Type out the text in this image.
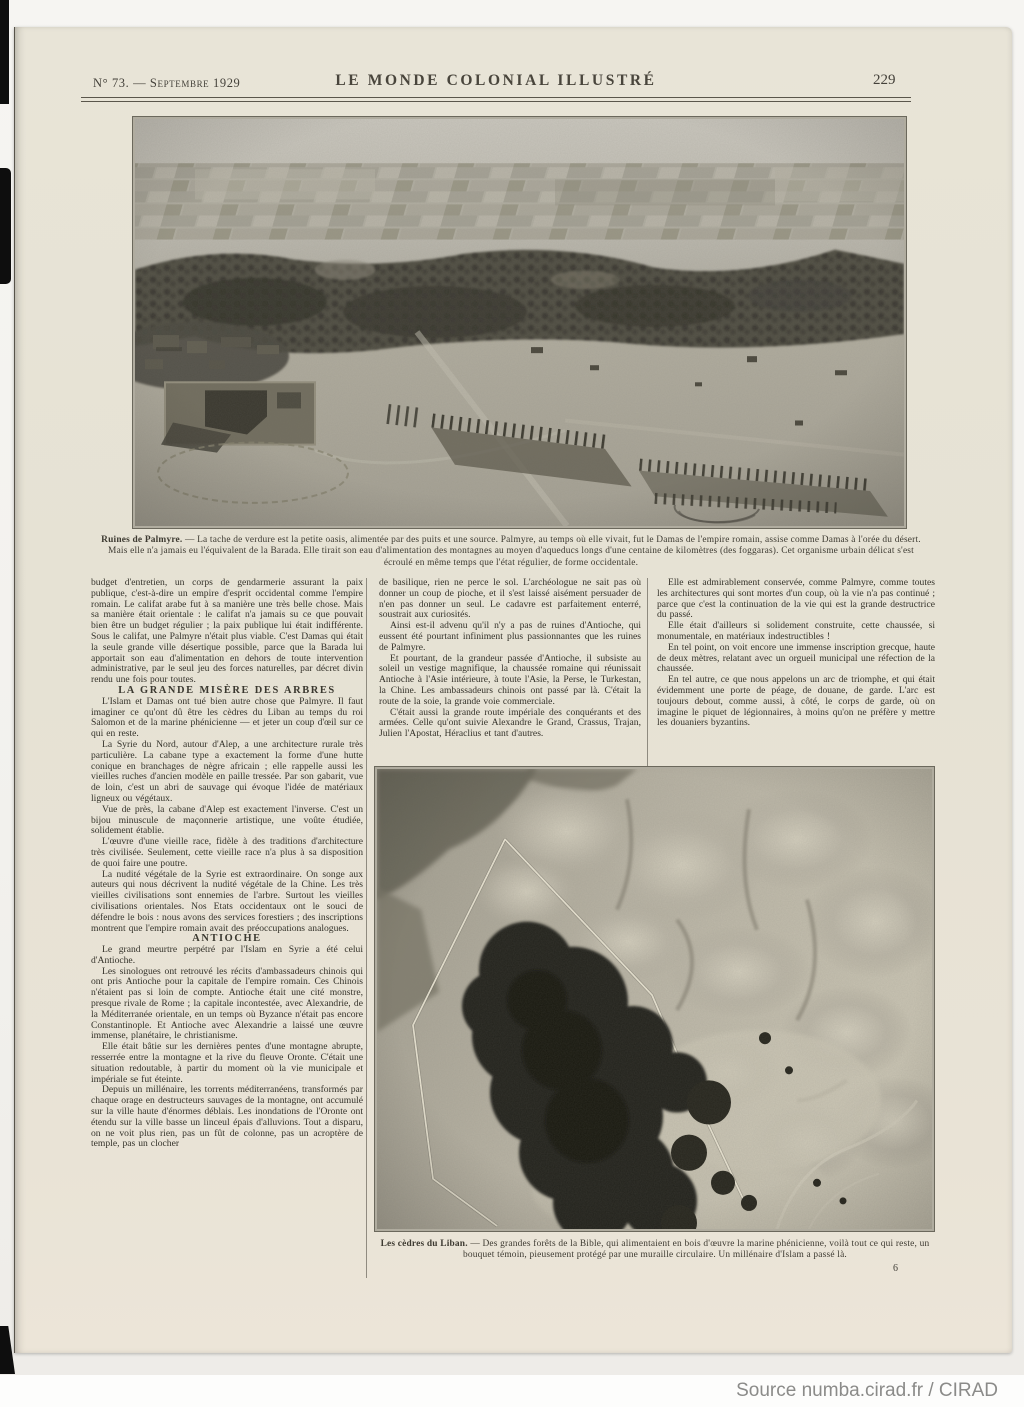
N° 73. — Septembre 1929	LE MONDE COLONIAL ILLUSTRÉ	229
Ruines de Palmyre. — La tache de verdure est la petite oasis, alimentée par des puits et une source. Palmyre, au temps où elle vivait, fut le Damas de l'empire romain, assise comme Damas à l'orée du désert. Mais elle n'a jamais eu l'équivalent de la Barada. Elle tirait son eau d'alimentation des montagnes au moyen d'aqueducs longs d'une centaine de kilomètres (des foggaras). Cet organisme urbain délicat s'est écroulé en même temps que l'état régulier, de forme occidentale.

budget d'entretien, un corps de gendarmerie assurant la paix publique, c'est-à-dire un empire d'esprit occidental comme l'empire romain. Le califat arabe fut à sa manière une très belle chose. Mais sa manière était orientale : le califat n'a jamais su ce que pouvait bien être un budget régulier ; la paix publique lui était indifférente. Sous le califat, une Palmyre n'était plus viable. C'est Damas qui était la seule grande ville désertique possible, parce que la Barada lui apportait son eau d'alimentation en dehors de toute intervention administrative, par le seul jeu des forces naturelles, par décret divin rendu une fois pour toutes.

LA GRANDE MISÈRE DES ARBRES

L'Islam et Damas ont tué bien autre chose que Palmyre. Il faut imaginer ce qu'ont dû être les cèdres du Liban au temps du roi Salomon et de la marine phénicienne — et jeter un coup d'œil sur ce qui en reste.

La Syrie du Nord, autour d'Alep, a une architecture rurale très particulière. La cabane type a exactement la forme d'une hutte conique en branchages de nègre africain ; elle rappelle aussi les vieilles ruches d'ancien modèle en paille tressée. Par son gabarit, vue de loin, c'est un abri de sauvage qui évoque l'idée de matériaux ligneux ou végétaux.

Vue de près, la cabane d'Alep est exactement l'inverse. C'est un bijou minuscule de maçonnerie artistique, une voûte étudiée, solidement établie.

L'œuvre d'une vieille race, fidèle à des traditions d'architecture très civilisée. Seulement, cette vieille race n'a plus à sa disposition de quoi faire une poutre.

La nudité végétale de la Syrie est extraordinaire. On songe aux auteurs qui nous décrivent la nudité végétale de la Chine. Les très vieilles civilisations sont ennemies de l'arbre. Surtout les vieilles civilisations orientales. Nos Etats occidentaux ont le souci de défendre le bois : nous avons des services forestiers ; des inscriptions montrent que l'empire romain avait des préoccupations analogues.

ANTIOCHE

Le grand meurtre perpétré par l'Islam en Syrie a été celui d'Antioche.

Les sinologues ont retrouvé les récits d'ambassadeurs chinois qui ont pris Antioche pour la capitale de l'empire romain. Ces Chinois n'étaient pas si loin de compte. Antioche était une cité monstre, presque rivale de Rome ; la capitale incontestée, avec Alexandrie, de la Méditerranée orientale, en un temps où Byzance n'était pas encore Constantinople. Et Antioche avec Alexandrie a laissé une œuvre immense, planétaire, le christianisme.

Elle était bâtie sur les dernières pentes d'une montagne abrupte, resserrée entre la montagne et la rive du fleuve Oronte. C'était une situation redoutable, à partir du moment où la vie municipale et impériale se fut éteinte.

Depuis un millénaire, les torrents méditerranéens, transformés par chaque orage en destructeurs sauvages de la montagne, ont accumulé sur la ville haute d'énormes déblais. Les inondations de l'Oronte ont étendu sur la ville basse un linceul épais d'alluvions. Tout a disparu, on ne voit plus rien, pas un fût de colonne, pas un acroptère de temple, pas un clocher

de basilique, rien ne perce le sol. L'archéologue ne sait pas où donner un coup de pioche, et il s'est laissé aisément persuader de n'en pas donner un seul. Le cadavre est parfaitement enterré, soustrait aux curiosités.

Ainsi est-il advenu qu'il n'y a pas de ruines d'Antioche, qui eussent été pourtant infiniment plus passionnantes que les ruines de Palmyre.

Et pourtant, de la grandeur passée d'Antioche, il subsiste au soleil un vestige magnifique, la chaussée romaine qui réunissait Antioche à l'Asie intérieure, à toute l'Asie, la Perse, le Turkestan, la Chine. Les ambassadeurs chinois ont passé par là. C'était la route de la soie, la grande voie commerciale.

C'était aussi la grande route impériale des conquérants et des armées. Celle qu'ont suivie Alexandre le Grand, Crassus, Trajan, Julien l'Apostat, Héraclius et tant d'autres.

Elle est admirablement conservée, comme Palmyre, comme toutes les architectures qui sont mortes d'un coup, où la vie n'a pas continué ; parce que c'est la continuation de la vie qui est la grande destructrice du passé.

Elle était d'ailleurs si solidement construite, cette chaussée, si monumentale, en matériaux indestructibles !

En tel point, on voit encore une immense inscription grecque, haute de deux mètres, relatant avec un orgueil municipal une réfection de la chaussée.

En tel autre, ce que nous appelons un arc de triomphe, et qui était évidemment une porte de péage, de douane, de garde. L'arc est toujours debout, comme aussi, à côté, le corps de garde, où on imagine le piquet de légionnaires, à moins qu'on ne préfère y mettre les douaniers byzantins.

Les cèdres du Liban. — Des grandes forêts de la Bible, qui alimentaient en bois d'œuvre la marine phénicienne, voilà tout ce qui reste, un bouquet témoin, pieusement protégé par une muraille circulaire. Un millénaire d'Islam a passé là.
6
Source numba.cirad.fr / CIRAD
